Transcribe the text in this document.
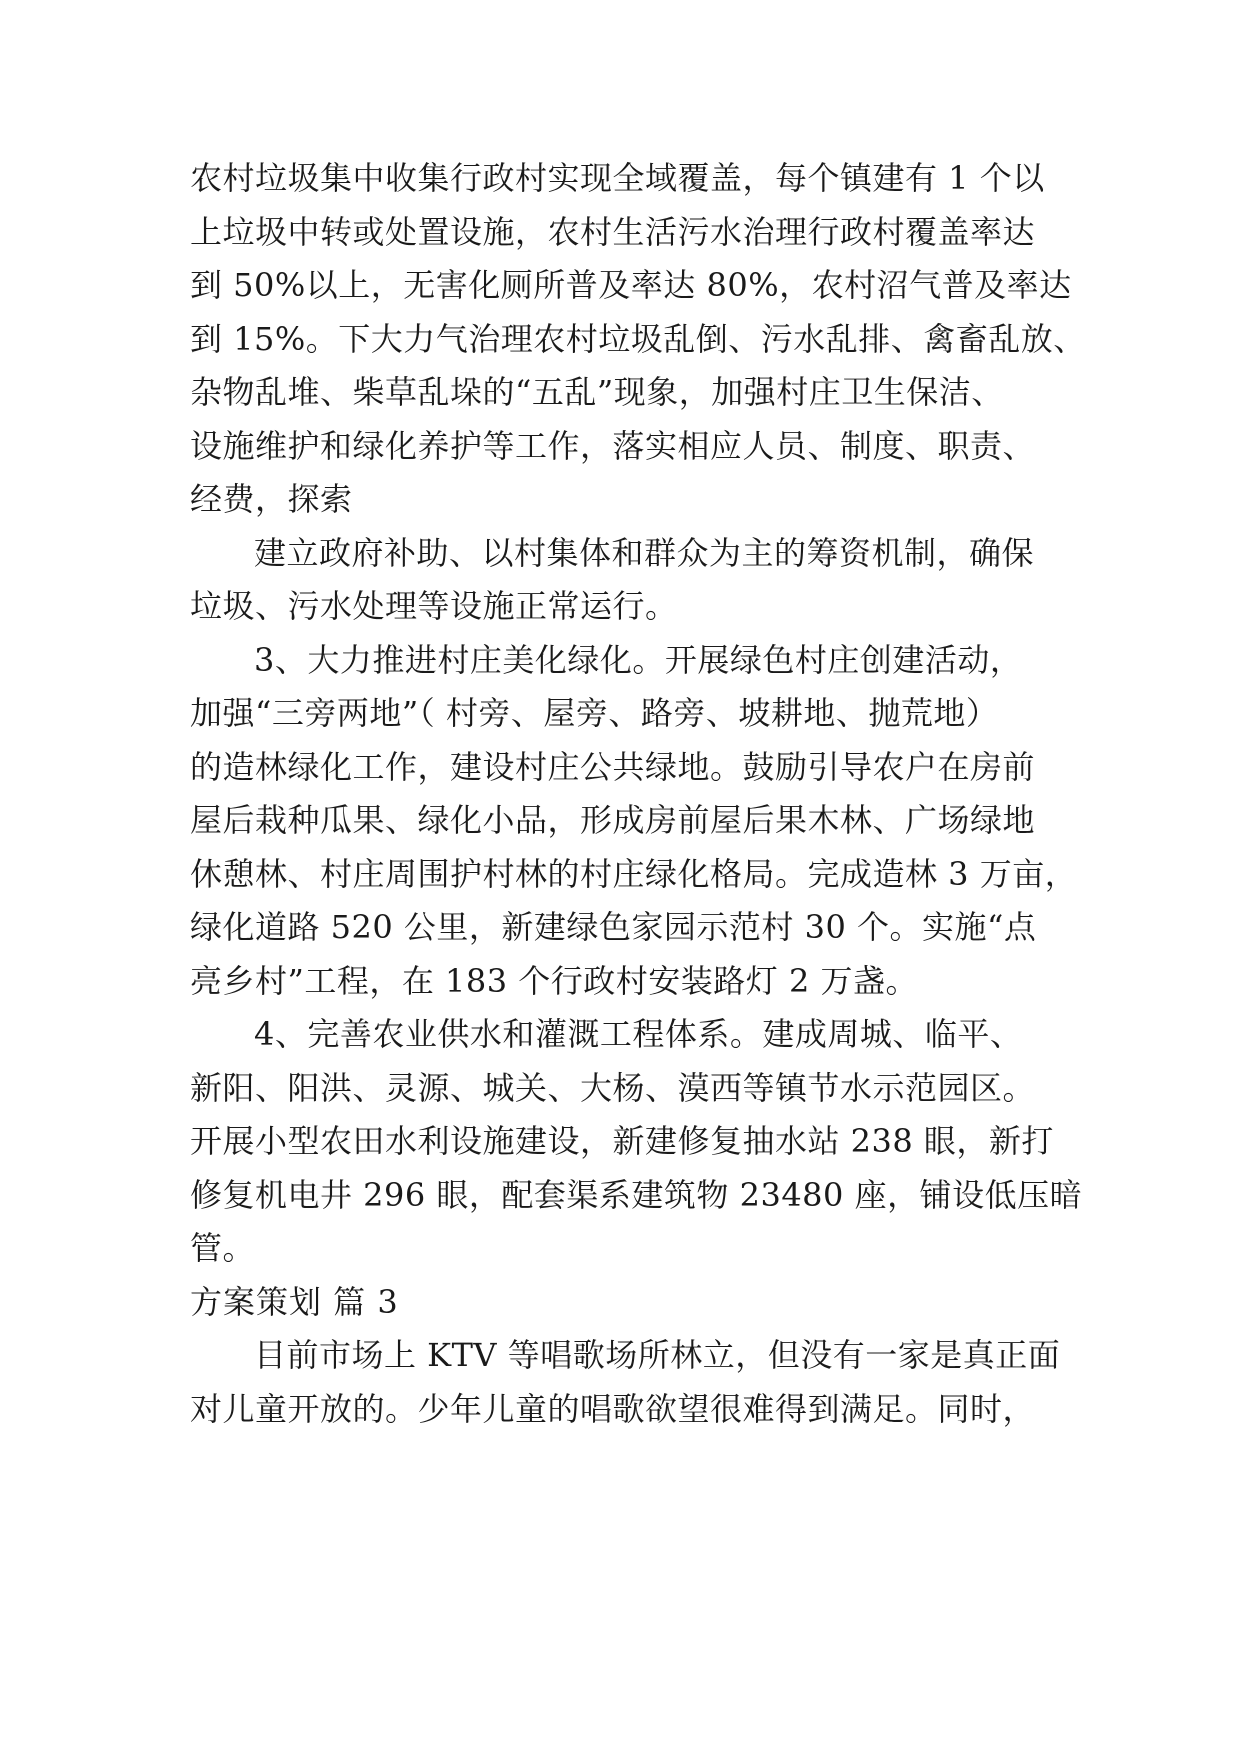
农村垃圾集中收集行政村实现全域覆盖，每个镇建有 1 个以
上垃圾中转或处置设施，农村生活污水治理行政村覆盖率达
到 50%以上，无害化厕所普及率达 80%，农村沼气普及率达
到 15%。下大力气治理农村垃圾乱倒、污水乱排、禽畜乱放、
杂物乱堆、柴草乱垛的“五乱”现象，加强村庄卫生保洁、
设施维护和绿化养护等工作，落实相应人员、制度、职责、
经费，探索
建立政府补助、以村集体和群众为主的筹资机制，确保
垃圾、污水处理等设施正常运行。
3、大力推进村庄美化绿化。开展绿色村庄创建活动，
加强“三旁两地”（ 村旁、屋旁、路旁、坡耕地、抛荒地）
的造林绿化工作，建设村庄公共绿地。鼓励引导农户在房前
屋后栽种瓜果、绿化小品，形成房前屋后果木林、广场绿地
休憩林、村庄周围护村林的村庄绿化格局。完成造林 3 万亩，
绿化道路 520 公里，新建绿色家园示范村 30 个。实施“点
亮乡村”工程，在 183 个行政村安装路灯 2 万盏。
4、完善农业供水和灌溉工程体系。建成周城、临平、
新阳、阳洪、灵源、城关、大杨、漠西等镇节水示范园区。
开展小型农田水利设施建设，新建修复抽水站 238 眼，新打
修复机电井 296 眼，配套渠系建筑物 23480 座，铺设低压暗
管。
方案策划 篇 3
目前市场上 KTV 等唱歌场所林立，但没有一家是真正面
对儿童开放的。少年儿童的唱歌欲望很难得到满足。同时，
